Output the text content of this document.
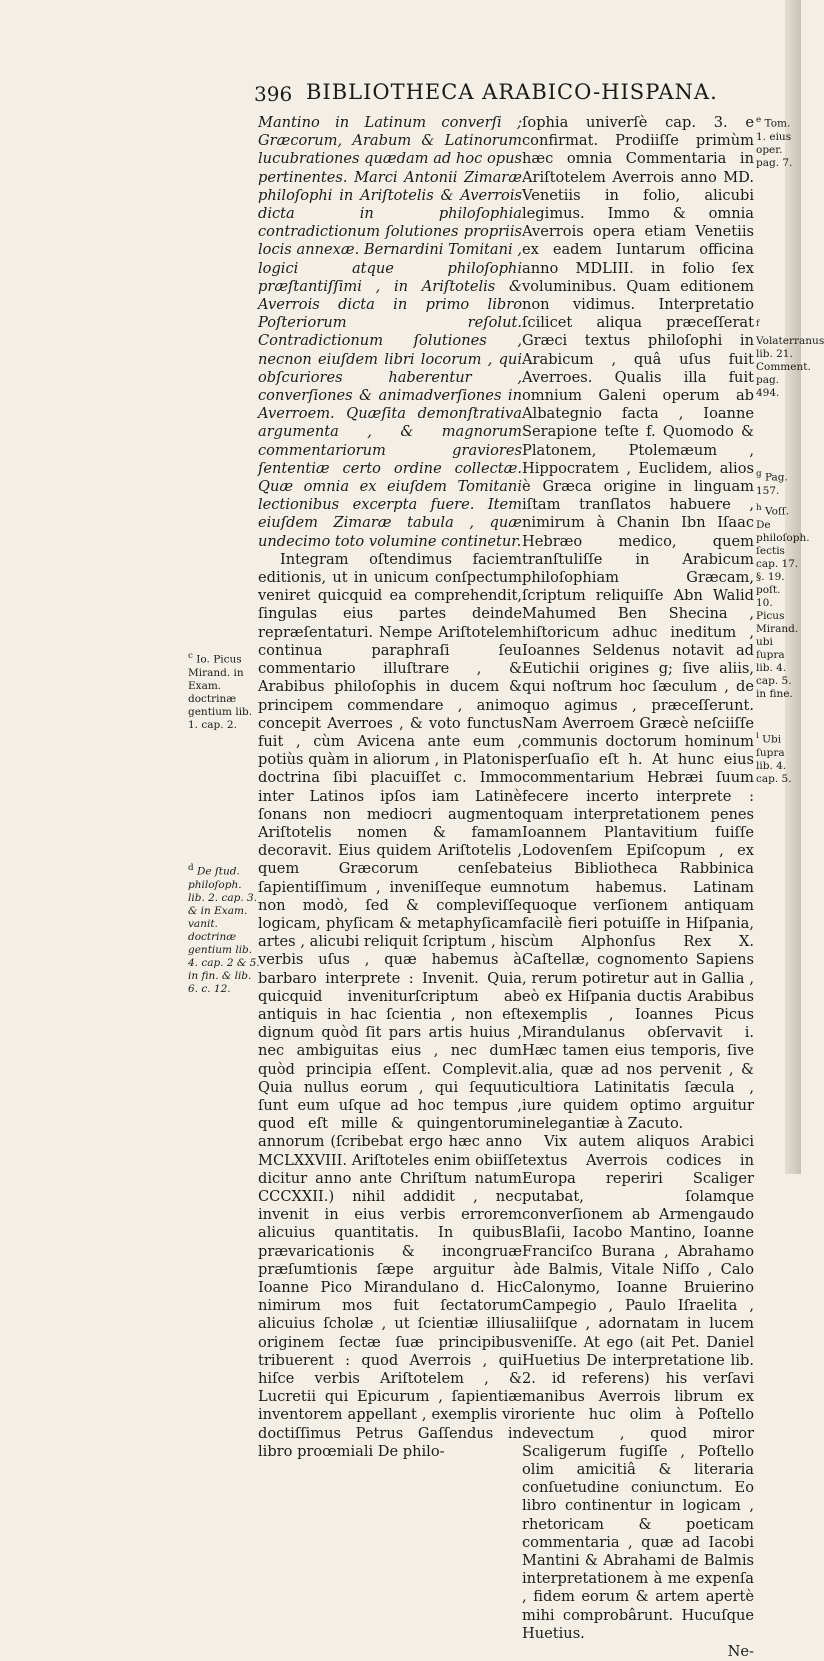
396 BIBLIOTHECA ARABICO-HISPANA.

Mantino in Latinum converſi ; Græcorum, Arabum & Latinorum lucubrationes quædam ad hoc opus pertinentes. Marci Antonii Zimaræ philoſophi in Ariſtotelis & Averrois dicta in philoſophia contradictionum ſolutiones propriis locis annexæ. Bernardini Tomitani , logici atque philoſophi præſtantiſſimi , in Ariſtotelis & Averrois dicta in primo libro Poſteriorum reſolut. Contradictionum ſolutiones , necnon eiuſdem libri locorum , qui obſcuriores haberentur , converſiones & animadverſiones in Averroem. Quæſita demonſtrativa argumenta , & magnorum commentariorum graviores ſententiæ certo ordine collectæ. Quæ omnia ex eiuſdem Tomitani lectionibus excerpta fuere. Item eiuſdem Zimaræ tabula , quæ undecimo toto volumine continetur.

Integram oſtendimus faciem editionis, ut in unicum conſpectum veniret quicquid ea comprehendit, ſingulas eius partes deinde repræſentaturi. Nempe Ariſtotelem continua paraphraſi ſeu commentario illuſtrare , & Arabibus philoſophis in ducem & principem commendare , animo concepit Averroes , & voto functus fuit , cùm Avicena ante eum , potiùs quàm in aliorum , in Platonis doctrina ſibi placuiſſet c. Immo inter Latinos ipſos iam Latinè ſonans non mediocri augmento Ariſtotelis nomen & famam decoravit. Eius quidem Ariſtotelis , quem Græcorum cenſebat ſapientiſſimum , inveniſſeque eum non modò, ſed & compleviſſe logicam, phyſicam & metaphyſicam artes , alicubi reliquit ſcriptum , his verbis uſus , quæ habemus à barbaro interprete : Invenit. Quia quicquid inveniturſcriptum ab antiquis in hac ſcientia , non eſt dignum quòd ſit pars artis huius , nec ambiguitas eius , nec dum quòd principia eſſent. Complevit. Quia nullus eorum , qui ſequuti ſunt eum uſque ad hoc tempus , quod eſt mille & quingentorum annorum (ſcribebat ergo hæc anno MCLXXVIII. Ariſtoteles enim obiiſſe dicitur anno ante Chriſtum natum CCCXXII.) nihil addidit , nec invenit in eius verbis errorem alicuius quantitatis. In quibus prævaricationis & incongruæ præſumtionis ſæpe arguitur à Ioanne Pico Mirandulano d. Hic nimirum mos fuit ſectatorum alicuius ſcholæ , ut ſcientiæ illius originem ſectæ ſuæ principibus tribuerent : quod Averrois , qui hiſce verbis Ariſtotelem , & Lucretii qui Epicurum , ſapientiæ inventorem appellant , exemplis vir doctiſſimus Petrus Gaſſendus in libro proœmiali De philo-

ſophia univerſè cap. 3. e confirmat. Prodiiſſe primùm hæc omnia Commentaria in Ariſtotelem Averrois anno MD. Venetiis in folio, alicubi legimus. Immo & omnia Averrois opera etiam Venetiis ex eadem Iuntarum officina anno MDLIII. in folio ſex voluminibus. Quam editionem non vidimus. Interpretatio ſcilicet aliqua præceſſerat Græci textus philoſophi in Arabicum , quâ uſus fuit Averroes. Qualis illa fuit omnium Galeni operum ab Albategnio facta , Ioanne Serapione teſte f. Quomodo & Platonem, Ptolemæum , Hippocratem , Euclidem, alios è Græca origine in linguam iſtam tranſlatos habuere , nimirum à Chanin Ibn Iſaac Hebræo medico, quem tranſtuliſſe in Arabicum philoſophiam Græcam, ſcriptum reliquiſſe Abn Walid Mahumed Ben Shecina , hiſtoricum adhuc ineditum , Ioannes Seldenus notavit ad Eutichii origines g; ſive aliis, qui noſtrum hoc ſæculum , de quo agimus , præceſſerunt. Nam Averroem Græcè neſciiſſe communis doctorum hominum perſuaſio eſt h. At hunc eius commentarium Hebræi ſuum fecere incerto interprete : quam interpretationem penes Ioannem Plantavitium fuiſſe Lodovenſem Epiſcopum , ex eius Bibliotheca Rabbinica notum habemus. Latinam quoque verſionem antiquam facilè fieri potuiſſe in Hiſpania, cùm Alphonſus Rex X. Caſtellæ, cognomento Sapiens , rerum potiretur aut in Gallia , eò ex Hiſpania ductis Arabibus exemplis , Ioannes Picus Mirandulanus obſervavit i. Hæc tamen eius temporis, ſive alia, quæ ad nos pervenit , & cultiora Latinitatis ſæcula , iure quidem optimo arguitur inelegantiæ à Zacuto.

Vix autem aliquos Arabici textus Averrois codices in Europa reperiri Scaliger putabat, ſolamque converſionem ab Armengaudo Blaſii, Iacobo Mantino, Ioanne Franciſco Burana , Abrahamo de Balmis, Vitale Niſſo , Calo Calonymo, Ioanne Bruierino Campegio , Paulo Iſraelita , aliiſque , adornatam in lucem veniſſe. At ego (ait Pet. Daniel Huetius De interpretatione lib. 2. id referens) his verſavi manibus Averrois librum ex oriente huc olim à Poſtello devectum , quod miror Scaligerum fugiſſe , Poſtello olim amicitiâ & literaria conſuetudine coniunctum. Eo libro continentur in logicam , rhetoricam & poeticam commentaria , quæ ad Iacobi Mantini & Abrahami de Balmis interpretationem à me expenſa , fidem eorum & artem apertè mihi comprobârunt. Hucuſque Huetius.

Ne-

$^c$ Io. Picus Mirand. in Exam. doctrinæ gentium lib. 1. cap. 2.
$^d$ De ſtud. philoſoph. lib. 2. cap. 3. & in Exam. vanit. doctrinæ gentium lib. 4. cap. 2 & 5. in fin. & lib. 6. c. 12.
$^e$ Tom. 1. eius oper. pag. 7.
$^f$ Volaterranus lib. 21. Comment. pag. 494.
$^g$ Pag. 157.
$^h$ Voſſ. De philoſoph. ſectis cap. 17. §. 19. poſt. 10. Picus Mirand. ubi ſupra lib. 4. cap. 5. in fine.
$^i$ Ubi ſupra lib. 4. cap. 5.
